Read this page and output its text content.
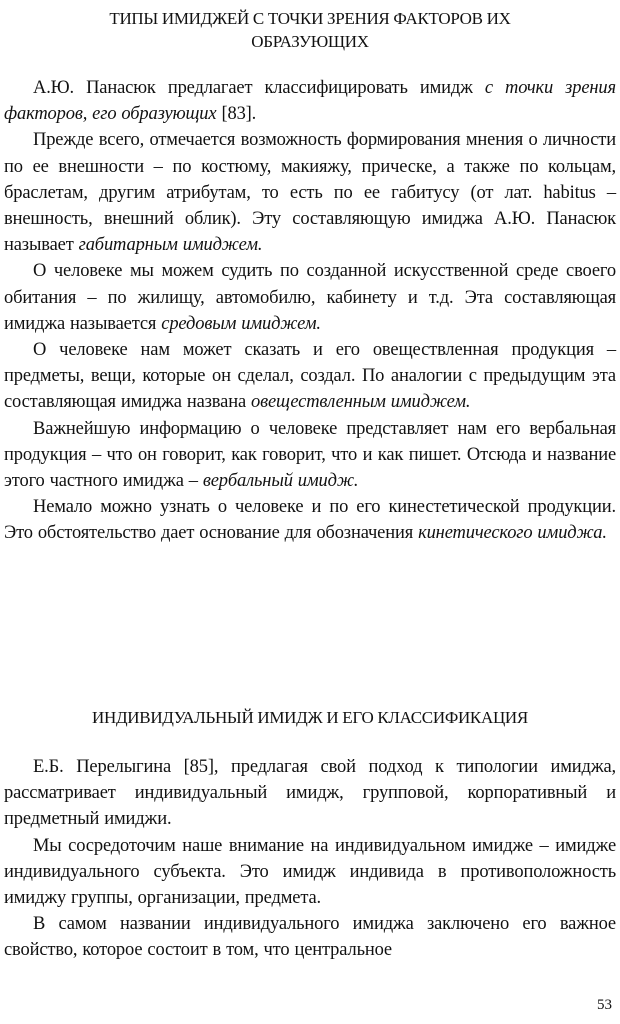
ТИПЫ ИМИДЖЕЙ С ТОЧКИ ЗРЕНИЯ ФАКТОРОВ ИХ
ОБРАЗУЮЩИХ

А.Ю. Панасюк предлагает классифицировать имидж с точки зрения факторов, его образующих [83].

Прежде всего, отмечается возможность формирования мнения о личности по ее внешности – по костюму, макияжу, прическе, а также по кольцам, браслетам, другим атрибутам, то есть по ее габитусу (от лат. habitus – внешность, внешний облик). Эту составляющую имиджа А.Ю. Панасюк называет габитарным имиджем.

О человеке мы можем судить по созданной искусственной среде своего обитания – по жилищу, автомобилю, кабинету и т.д. Эта составляющая имиджа называется средовым имиджем.

О человеке нам может сказать и его овеществленная продукция – предметы, вещи, которые он сделал, создал. По аналогии с предыдущим эта составляющая имиджа названа овеществленным имиджем.

Важнейшую информацию о человеке представляет нам его вербальная продукция – что он говорит, как говорит, что и как пишет. Отсюда и название этого частного имиджа – вербальный имидж.

Немало можно узнать о человеке и по его кинестетической продукции. Это обстоятельство дает основание для обозначения кинетического имиджа.

ИНДИВИДУАЛЬНЫЙ ИМИДЖ И ЕГО КЛАССИФИКАЦИЯ

Е.Б. Перелыгина [85], предлагая свой подход к типологии имиджа, рассматривает индивидуальный имидж, групповой, корпоративный и предметный имиджи.

Мы сосредоточим наше внимание на индивидуальном имидже – имидже индивидуального субъекта. Это имидж индивида в противоположность имиджу группы, организации, предмета.

В самом названии индивидуального имиджа заключено его важное свойство, которое состоит в том, что центральное

53
